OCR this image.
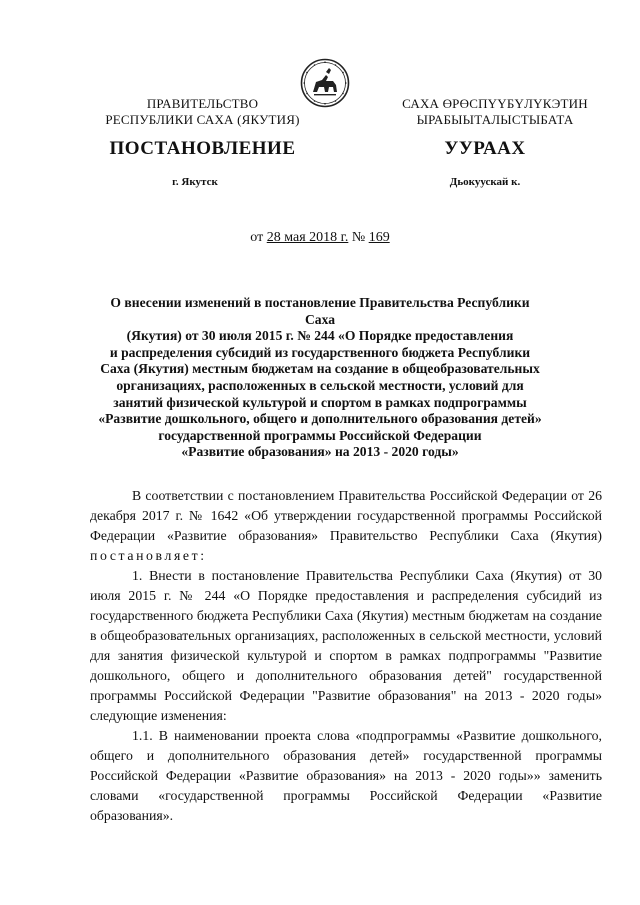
ПРАВИТЕЛЬСТВО
РЕСПУБЛИКИ САХА (ЯКУТИЯ)
САХА ӨРӨСПҮҮБҮЛҮКЭТИН
ЫРАБЫЫТАЛЫСТЫБАТА
ПОСТАНОВЛЕНИЕ	УУРААХ
г. Якутск	Дьокуускай к.
от 28 мая 2018 г. № 169
О внесении изменений в постановление Правительства Республики Саха
(Якутия) от 30 июля 2015 г. № 244 «О Порядке предоставления
и распределения субсидий из государственного бюджета Республики
Саха (Якутия) местным бюджетам на создание в общеобразовательных
организациях, расположенных в сельской местности, условий для
занятий физической культурой и спортом в рамках подпрограммы
«Развитие дошкольного, общего и дополнительного образования детей»
государственной программы Российской Федерации
«Развитие образования» на 2013 - 2020 годы»

В соответствии с постановлением Правительства Российской Федерации от 26 декабря 2017 г. № 1642 «Об утверждении государственной программы Российской Федерации «Развитие образования» Правительство Республики Саха (Якутия) постановляет:

1. Внести в постановление Правительства Республики Саха (Якутия) от 30 июля 2015 г. № 244 «О Порядке предоставления и распределения субсидий из государственного бюджета Республики Саха (Якутия) местным бюджетам на создание в общеобразовательных организациях, расположенных в сельской местности, условий для занятия физической культурой и спортом в рамках подпрограммы "Развитие дошкольного, общего и дополнительного образования детей" государственной программы Российской Федерации "Развитие образования" на 2013 - 2020 годы» следующие изменения:

1.1. В наименовании проекта слова «подпрограммы «Развитие дошкольного, общего и дополнительного образования детей» государственной программы Российской Федерации «Развитие образования» на 2013 - 2020 годы»» заменить словами «государственной программы Российской Федерации «Развитие образования».
